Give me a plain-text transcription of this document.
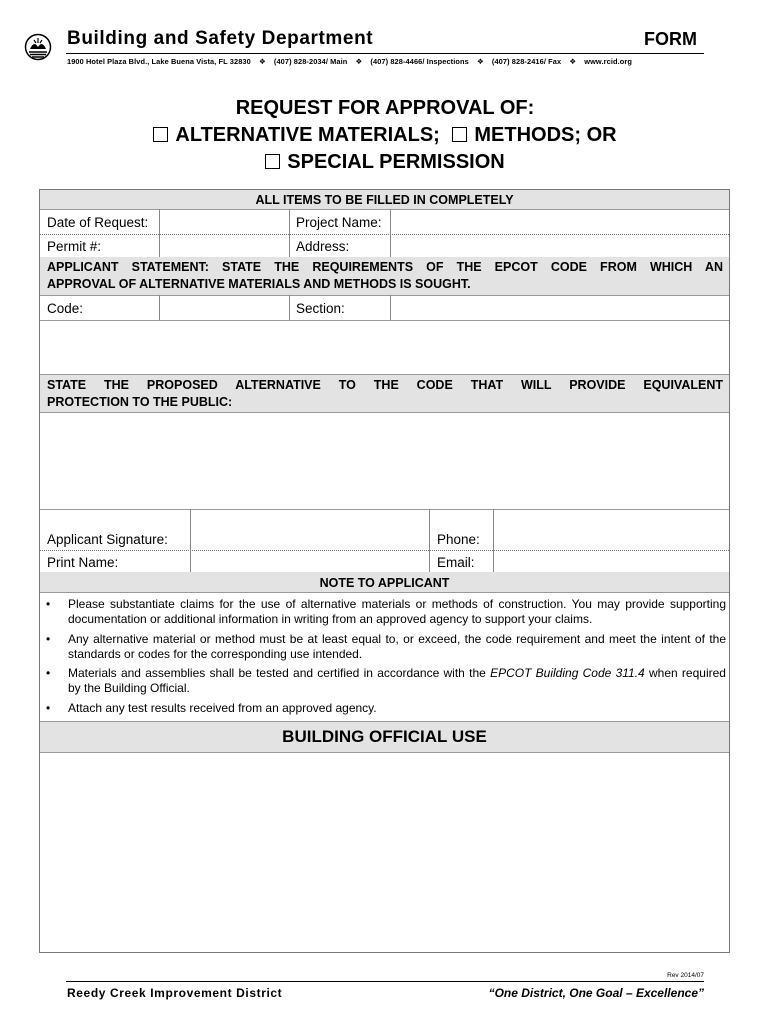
Building and Safety Department	FORM
1900 Hotel Plaza Blvd., Lake Buena Vista, FL 32830 ❖ (407) 828-2034/ Main ❖ (407) 828-4466/ Inspections ❖ (407) 828-2416/ Fax ❖ www.rcid.org
REQUEST FOR APPROVAL OF:
ALTERNATIVE MATERIALS; METHODS; OR
SPECIAL PERMISSION
ALL ITEMS TO BE FILLED IN COMPLETELY
Date of Request:	Project Name:
Permit #:	Address:
APPLICANT STATEMENT: STATE THE REQUIREMENTS OF THE EPCOT CODE FROM WHICH AN
APPROVAL OF ALTERNATIVE MATERIALS AND METHODS IS SOUGHT.
Code:	Section:
STATE THE PROPOSED ALTERNATIVE TO THE CODE THAT WILL PROVIDE EQUIVALENT
PROTECTION TO THE PUBLIC:
Applicant Signature:	Phone:
Print Name:	Email:
NOTE TO APPLICANT
•	Please substantiate claims for the use of alternative materials or methods of construction. You may provide supporting documentation or additional information in writing from an approved agency to support your claims.
•	Any alternative material or method must be at least equal to, or exceed, the code requirement and meet the intent of the standards or codes for the corresponding use intended.
•	Materials and assemblies shall be tested and certified in accordance with the EPCOT Building Code 311.4 when required by the Building Official.
•	Attach any test results received from an approved agency.
BUILDING OFFICIAL USE
Rev 2014/07
Reedy Creek Improvement District	“One District, One Goal – Excellence”
